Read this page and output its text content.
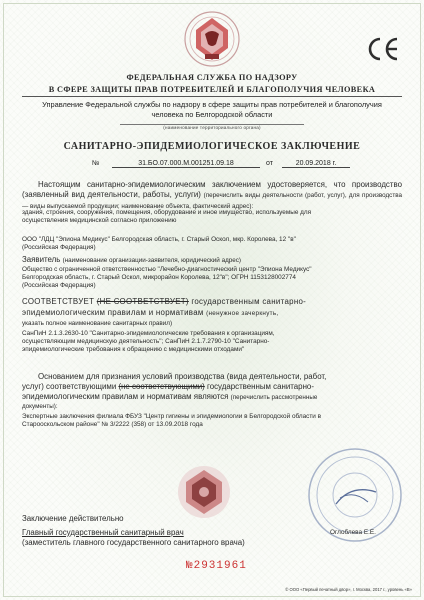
ФЕДЕРАЛЬНАЯ СЛУЖБА ПО НАДЗОРУ
В СФЕРЕ ЗАЩИТЫ ПРАВ ПОТРЕБИТЕЛЕЙ И БЛАГОПОЛУЧИЯ ЧЕЛОВЕКА
Управление Федеральной службы по надзору в сфере защиты прав потребителей и благополучия человека по Белгородской области
(наименование территориального органа)
САНИТАРНО-ЭПИДЕМИОЛОГИЧЕСКОЕ ЗАКЛЮЧЕНИЕ
№	31.БО.07.000.М.001251.09.18	от	20.09.2018 г.
Настоящим санитарно-эпидемиологическим заключением удостоверяется, что производство (заявленный вид деятельности, работы, услуги) (перечислить виды деятельности (работ, услуг), для производства — виды выпускаемой продукции; наименование объекта, фактический адрес):
здания, строения, сооружения, помещения, оборудование и иное имущество, используемые для
осуществления медицинской согласно приложению
ООО "ЛДЦ "Эпиона Медикус" Белгородская область, г. Старый Оскол, мкр. Королева, 12 "в"
(Российская Федерация)
Заявитель (наименование организации-заявителя, юридический адрес)
Общество с ограниченной ответственностью "Лечебно-диагностический центр "Эпиона Медикус"
Белгородская область, г. Старый Оскол, микрорайон Королева, 12"в"; ОГРН 1153128002774
(Российская Федерация)
СООТВЕТСТВУЕТ (НЕ СООТВЕТСТВУЕТ) государственным санитарно-
эпидемиологическим правилам и нормативам (ненужное зачеркнуть,
указать полное наименование санитарных правил)
СанПиН 2.1.3.2630-10 "Санитарно-эпидемиологические требования к организациям,
осуществляющим медицинскую деятельность"; СанПиН 2.1.7.2790-10 "Санитарно-
эпидемиологические требования к обращению с медицинскими отходами"
Основанием для признания условий производства (вида деятельности, работ,
услуг) соответствующими (не соответствующими) государственным санитарно-
эпидемиологическим правилам и нормативам являются (перечислить рассмотренные
документы):
Экспертные заключения филиала ФБУЗ "Центр гигиены и эпидемиологии в Белгородской области в
Старооскольском районе" № 3/2222 (358) от 13.09.2018 года
Заключение действительно
Главный государственный санитарный врач
(заместитель главного государственного санитарного врача)
Оглоблева Е.Е.
№2931961
© ООО «Первый печатный двор», г. Москва, 2017 г., уровень «В»
